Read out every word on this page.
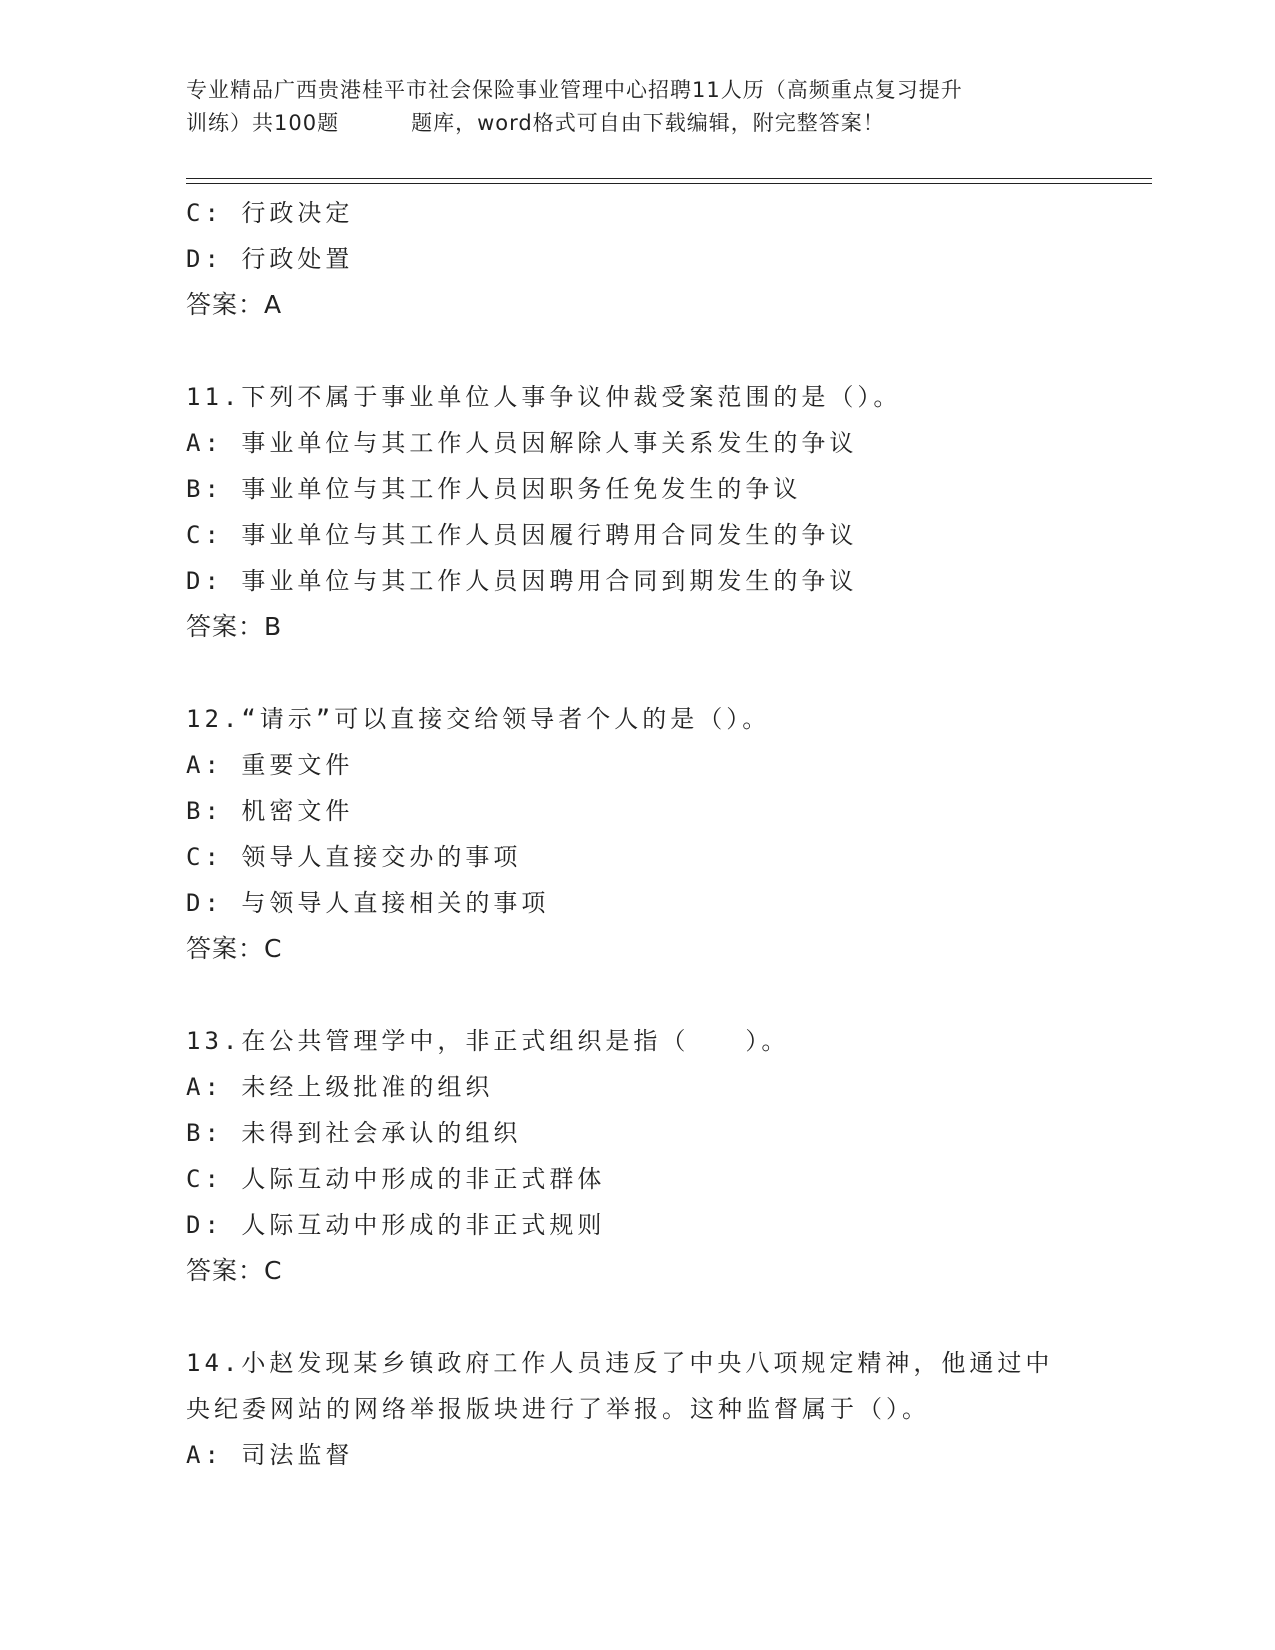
专业精品广西贵港桂平市社会保险事业管理中心招聘11人历（高频重点复习提升
训练）共100题	题库，word格式可自由下载编辑，附完整答案！
C: 行政决定
D: 行政处置
答案：A
11.下列不属于事业单位人事争议仲裁受案范围的是（）。
A: 事业单位与其工作人员因解除人事关系发生的争议
B: 事业单位与其工作人员因职务任免发生的争议
C: 事业单位与其工作人员因履行聘用合同发生的争议
D: 事业单位与其工作人员因聘用合同到期发生的争议
答案：B
12.“请示”可以直接交给领导者个人的是（）。
A: 重要文件
B: 机密文件
C: 领导人直接交办的事项
D: 与领导人直接相关的事项
答案：C
13.在公共管理学中，非正式组织是指（　　）。
A: 未经上级批准的组织
B: 未得到社会承认的组织
C: 人际互动中形成的非正式群体
D: 人际互动中形成的非正式规则
答案：C
14.小赵发现某乡镇政府工作人员违反了中央八项规定精神，他通过中
央纪委网站的网络举报版块进行了举报。这种监督属于（）。
A: 司法监督
